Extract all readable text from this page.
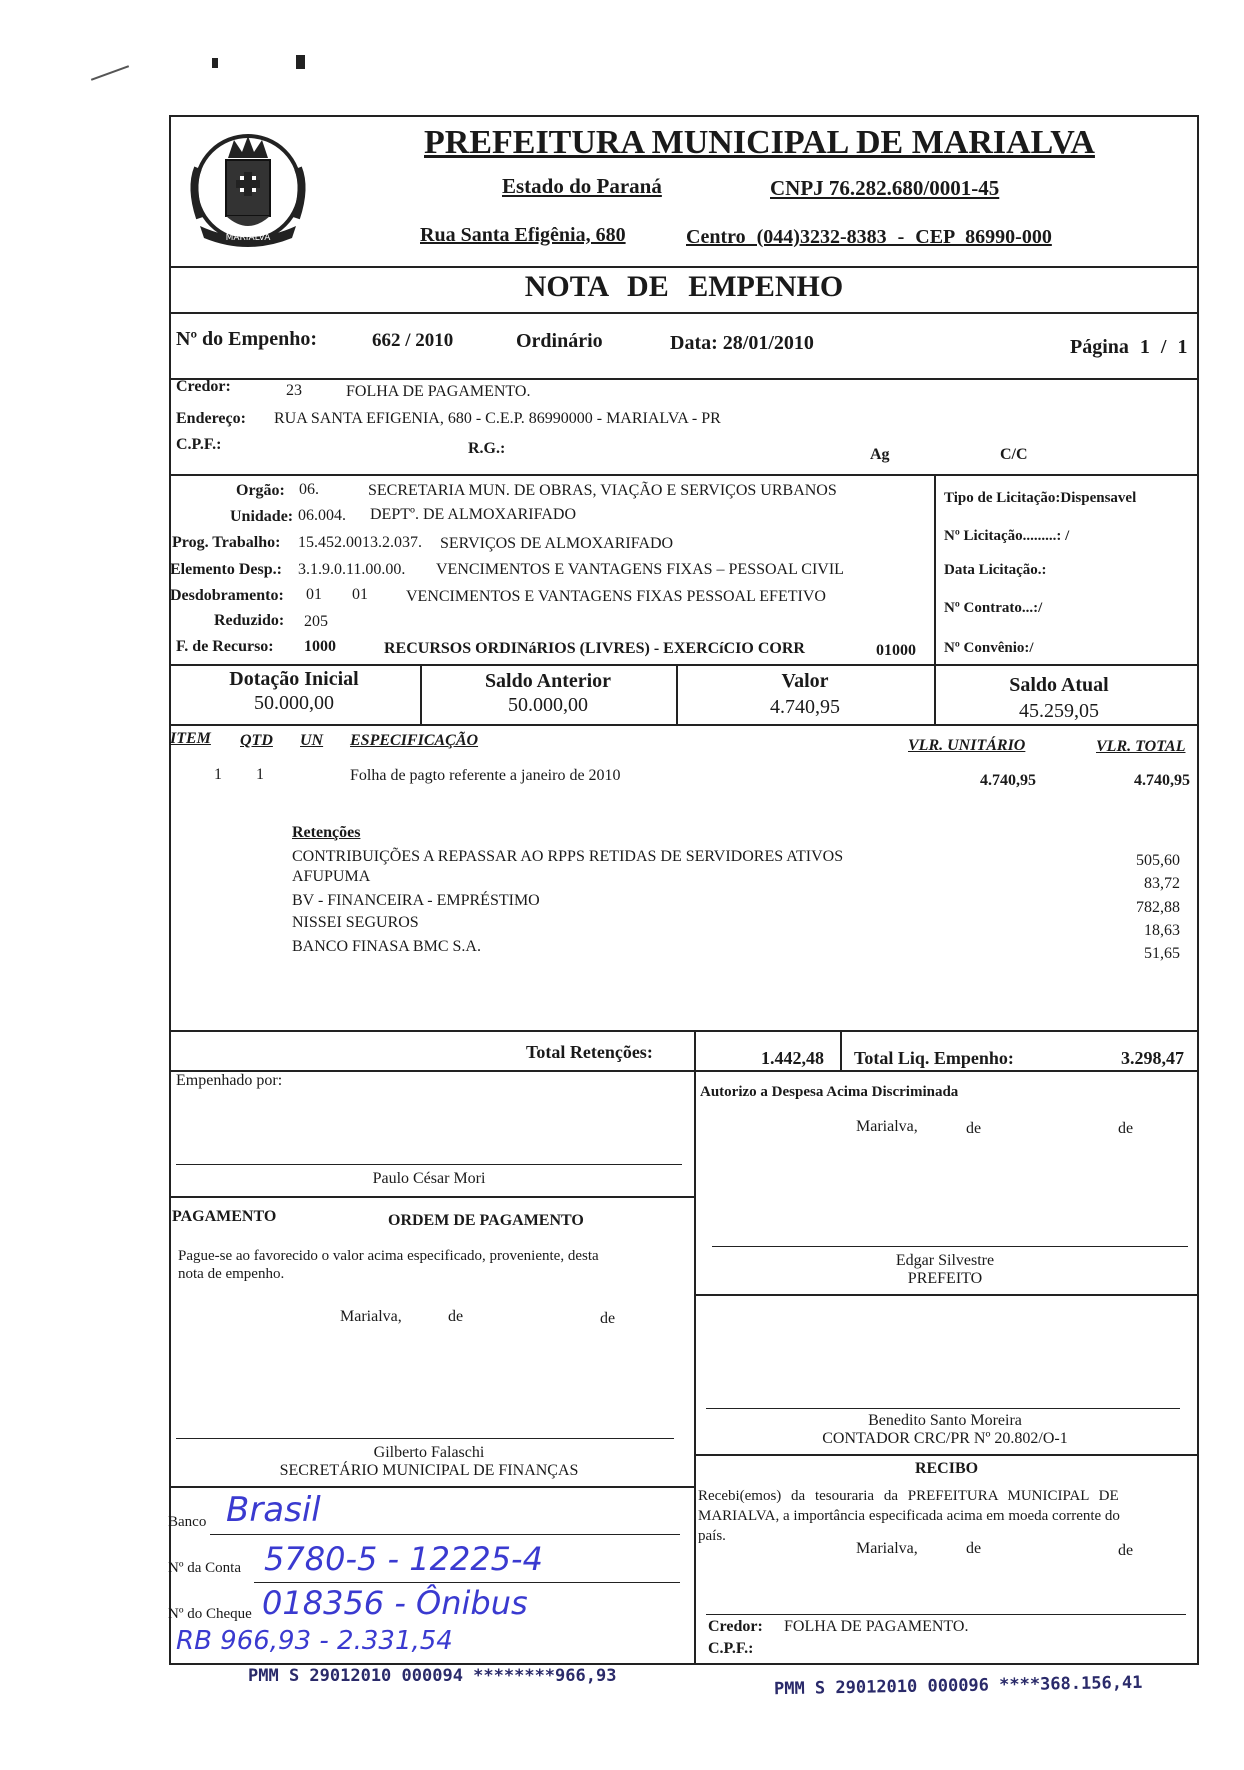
MARIALVA
PREFEITURA MUNICIPAL DE MARIALVA
Estado do Paraná	CNPJ 76.282.680/0001-45
Rua Santa Efigênia, 680	Centro (044)3232-8383 - CEP 86990-000
NOTA DE EMPENHO
Nº do Empenho:	662 / 2010	Ordinário	Data: 28/01/2010	Página 1 / 1
Credor:	23	FOLHA DE PAGAMENTO.
Endereço: RUA SANTA EFIGENIA, 680 - C.E.P. 86990000 - MARIALVA - PR
C.P.F.:	R.G.:	Ag	C/C
Orgão: 06.	SECRETARIA MUN. DE OBRAS, VIAÇÃO E SERVIÇOS URBANOS
Unidade: 06.004. DEPTº. DE ALMOXARIFADO
Prog. Trabalho: 15.452.0013.2.037. SERVIÇOS DE ALMOXARIFADO
Elemento Desp.: 3.1.9.0.11.00.00. VENCIMENTOS E VANTAGENS FIXAS – PESSOAL CIVIL
Desdobramento: 01 01 VENCIMENTOS E VANTAGENS FIXAS PESSOAL EFETIVO
Reduzido: 205
F. de Recurso: 1000	RECURSOS ORDINáRIOS (LIVRES) - EXERCíCIO CORR	01000
Tipo de Licitação:Dispensavel
Nº Licitação.........: /
Data Licitação.:
Nº Contrato...:/
Nº Convênio:/
Dotação Inicial
50.000,00
Saldo Anterior
50.000,00
Valor
4.740,95
Saldo Atual
45.259,05
ITEM QTD UN ESPECIFICAÇÃO	VLR. UNITÁRIO	VLR. TOTAL
1 1	Folha de pagto referente a janeiro de 2010	4.740,95	4.740,95
Retenções
CONTRIBUIÇÕES A REPASSAR AO RPPS RETIDAS DE SERVIDORES ATIVOS	505,60
AFUPUMA	83,72
BV - FINANCEIRA - EMPRÉSTIMO	782,88
NISSEI SEGUROS	18,63
BANCO FINASA BMC S.A.	51,65
Total Retenções:	1.442,48 Total Liq. Empenho:	3.298,47
Empenhado por:
Paulo César Mori
Autorizo a Despesa Acima Discriminada
Marialva,	de	de
Edgar Silvestre
PREFEITO
PAGAMENTO	ORDEM DE PAGAMENTO
Pague-se ao favorecido o valor acima especificado, proveniente, desta
nota de empenho.
Marialva,	de	de
Benedito Santo Moreira
CONTADOR CRC/PR Nº 20.802/O-1
Gilberto Falaschi
SECRETÁRIO MUNICIPAL DE FINANÇAS	RECIBO
Recebi(emos) da tesouraria da PREFEITURA MUNICIPAL DE
MARIALVA, a importância especificada acima em moeda corrente do
país.
Marialva,	de	de
Credor: FOLHA DE PAGAMENTO.
C.P.F.:
Banco Brasil
Nº da Conta 5780-5 - 12225-4
Nº do Cheque 018356 - Ônibus
RB 966,93 - 2.331,54
PMM S 29012010 000094 ********966,93	PMM S 29012010 000096 ****368.156,41
